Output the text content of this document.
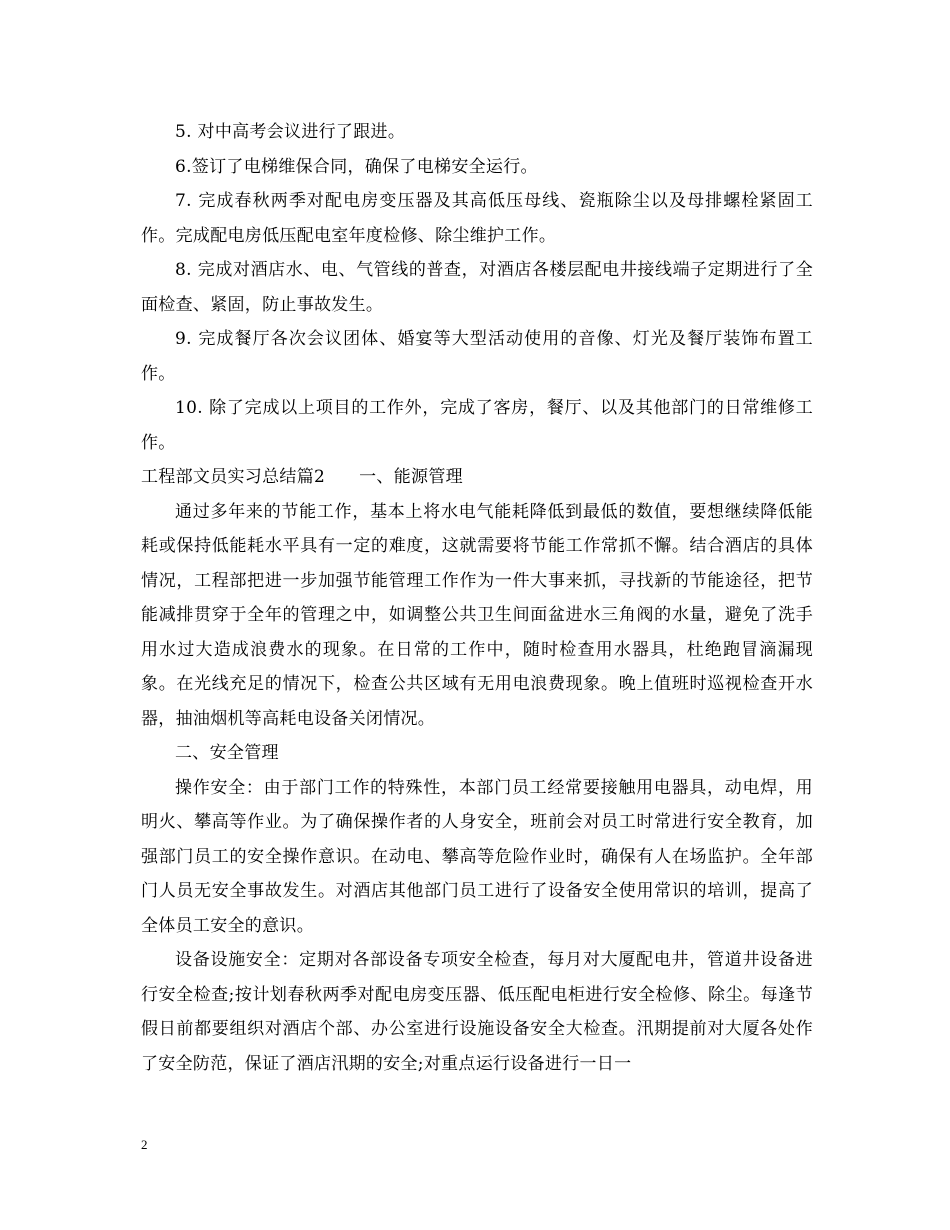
5. 对中高考会议进行了跟进。

6.签订了电梯维保合同，确保了电梯安全运行。

7. 完成春秋两季对配电房变压器及其高低压母线、瓷瓶除尘以及母排螺栓紧固工作。完成配电房低压配电室年度检修、除尘维护工作。

8. 完成对酒店水、电、气管线的普查，对酒店各楼层配电井接线端子定期进行了全面检查、紧固，防止事故发生。

9. 完成餐厅各次会议团体、婚宴等大型活动使用的音像、灯光及餐厅装饰布置工作。

10. 除了完成以上项目的工作外，完成了客房，餐厅、以及其他部门的日常维修工作。

工程部文员实习总结篇2 一、能源管理

通过多年来的节能工作，基本上将水电气能耗降低到最低的数值，要想继续降低能耗或保持低能耗水平具有一定的难度，这就需要将节能工作常抓不懈。结合酒店的具体情况，工程部把进一步加强节能管理工作作为一件大事来抓，寻找新的节能途径，把节能减排贯穿于全年的管理之中，如调整公共卫生间面盆进水三角阀的水量，避免了洗手用水过大造成浪费水的现象。在日常的工作中，随时检查用水器具，杜绝跑冒滴漏现象。在光线充足的情况下，检查公共区域有无用电浪费现象。晚上值班时巡视检查开水器，抽油烟机等高耗电设备关闭情况。

二、安全管理

操作安全：由于部门工作的特殊性，本部门员工经常要接触用电器具，动电焊，用明火、攀高等作业。为了确保操作者的人身安全，班前会对员工时常进行安全教育，加强部门员工的安全操作意识。在动电、攀高等危险作业时，确保有人在场监护。全年部门人员无安全事故发生。对酒店其他部门员工进行了设备安全使用常识的培训，提高了全体员工安全的意识。

设备设施安全：定期对各部设备专项安全检查，每月对大厦配电井，管道井设备进行安全检查;按计划春秋两季对配电房变压器、低压配电柜进行安全检修、除尘。每逢节假日前都要组织对酒店个部、办公室进行设施设备安全大检查。汛期提前对大厦各处作了安全防范，保证了酒店汛期的安全;对重点运行设备进行一日一

2
